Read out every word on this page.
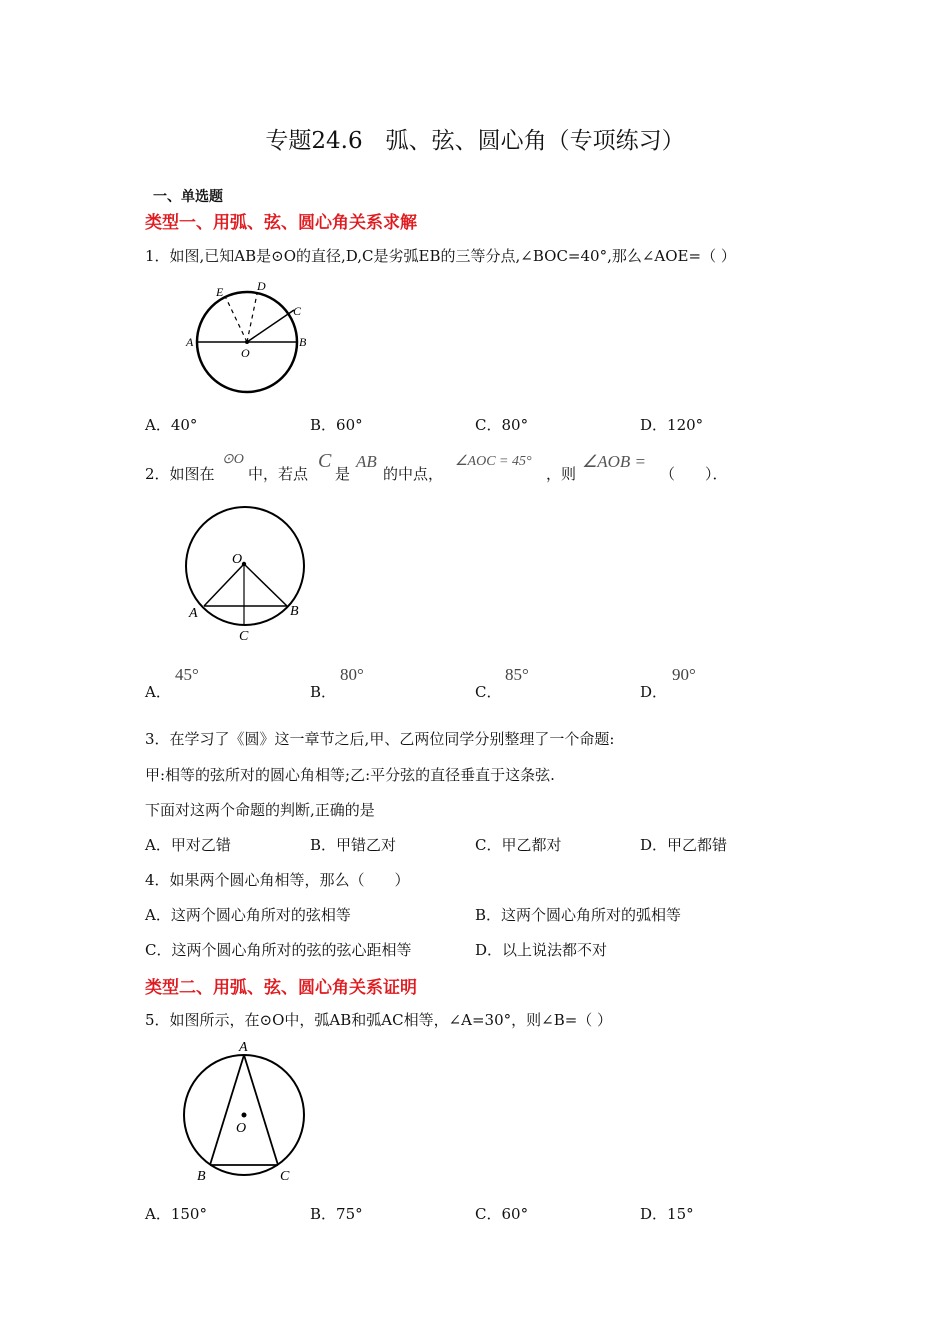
专题24.6　弧、弦、圆心角（专项练习）
一、单选题
类型一、用弧、弦、圆心角关系求解
1．如图,已知AB是⊙O的直径,D,C是劣弧EB的三等分点,∠BOC=40°,那么∠AOE=（ ）
A	B
C
D
E
O
A．40°	B．60°	C．80°	D．120°
2．如图在
⊙O
中，若点
C
是
AB
的中点，
∠AOC = 45°
，则
∠AOB =
（　　）．
O
A	B
C
A．
45°
B．
80°
C．
85°
D．
90°
3．在学习了《圆》这一章节之后,甲、乙两位同学分别整理了一个命题:
甲:相等的弦所对的圆心角相等;乙:平分弦的直径垂直于这条弦.
下面对这两个命题的判断,正确的是
A．甲对乙错	B．甲错乙对	C．甲乙都对	D．甲乙都错
4．如果两个圆心角相等，那么（　　）
A．这两个圆心角所对的弦相等	B．这两个圆心角所对的弧相等
C．这两个圆心角所对的弦的弦心距相等	D．以上说法都不对
类型二、用弧、弦、圆心角关系证明
5．如图所示，在⊙O中，弧AB和弧AC相等，∠A=30°，则∠B=（ ）
A
O
B	C
A．150°	B．75°	C．60°	D．15°
